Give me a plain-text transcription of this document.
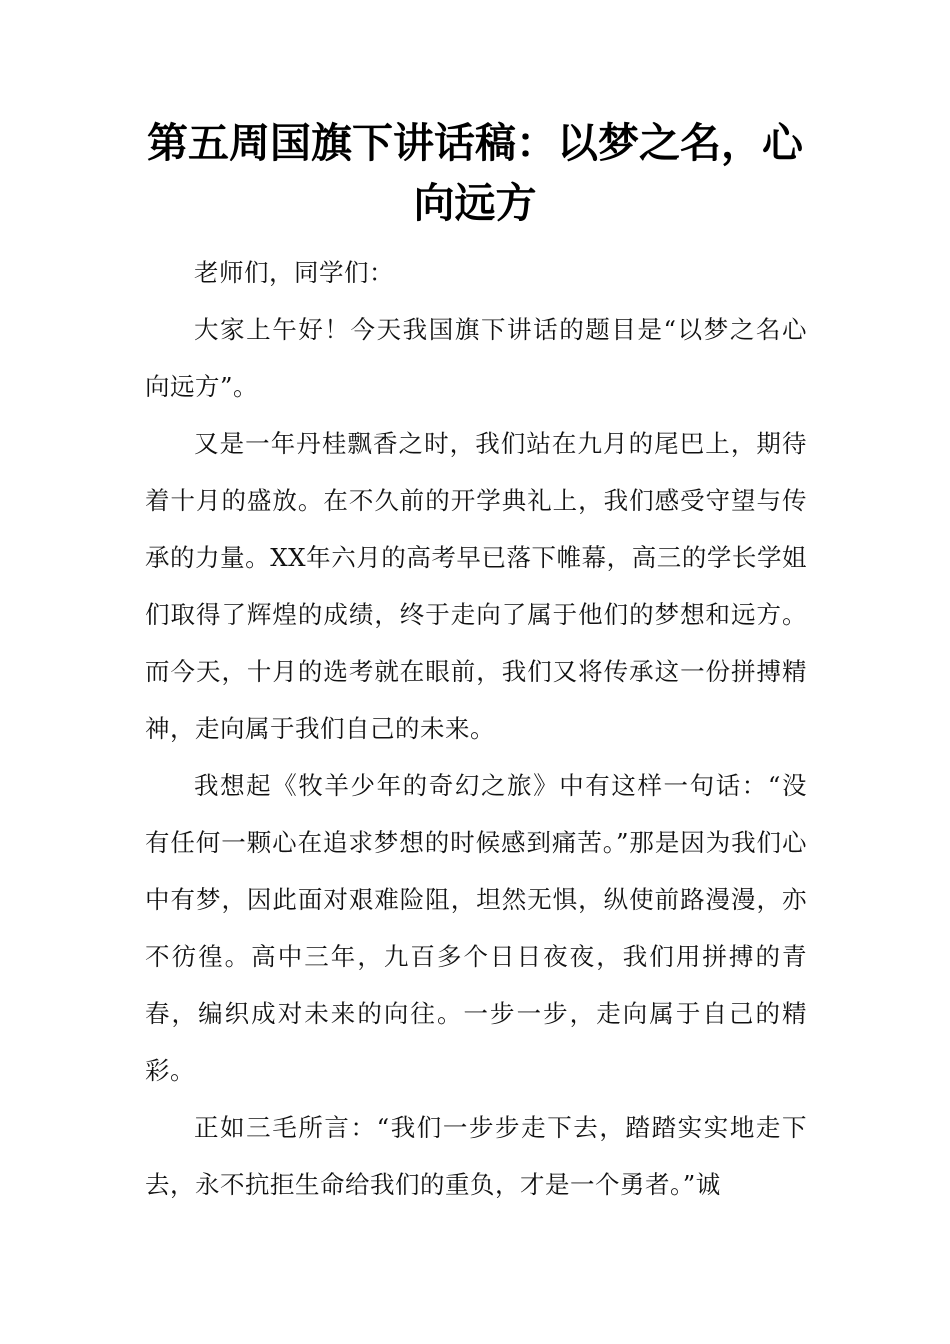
第五周国旗下讲话稿：以梦之名，心向远方

老师们，同学们：

大家上午好！今天我国旗下讲话的题目是“以梦之名心向远方”。

又是一年丹桂飘香之时，我们站在九月的尾巴上，期待着十月的盛放。在不久前的开学典礼上，我们感受守望与传承的力量。XX年六月的高考早已落下帷幕，高三的学长学姐们取得了辉煌的成绩，终于走向了属于他们的梦想和远方。而今天，十月的选考就在眼前，我们又将传承这一份拼搏精神，走向属于我们自己的未来。

我想起《牧羊少年的奇幻之旅》中有这样一句话：“没有任何一颗心在追求梦想的时候感到痛苦。”那是因为我们心中有梦，因此面对艰难险阻，坦然无惧，纵使前路漫漫，亦不彷徨。高中三年，九百多个日日夜夜，我们用拼搏的青春，编织成对未来的向往。一步一步，走向属于自己的精彩。

正如三毛所言：“我们一步步走下去，踏踏实实地走下去，永不抗拒生命给我们的重负，才是一个勇者。”诚
